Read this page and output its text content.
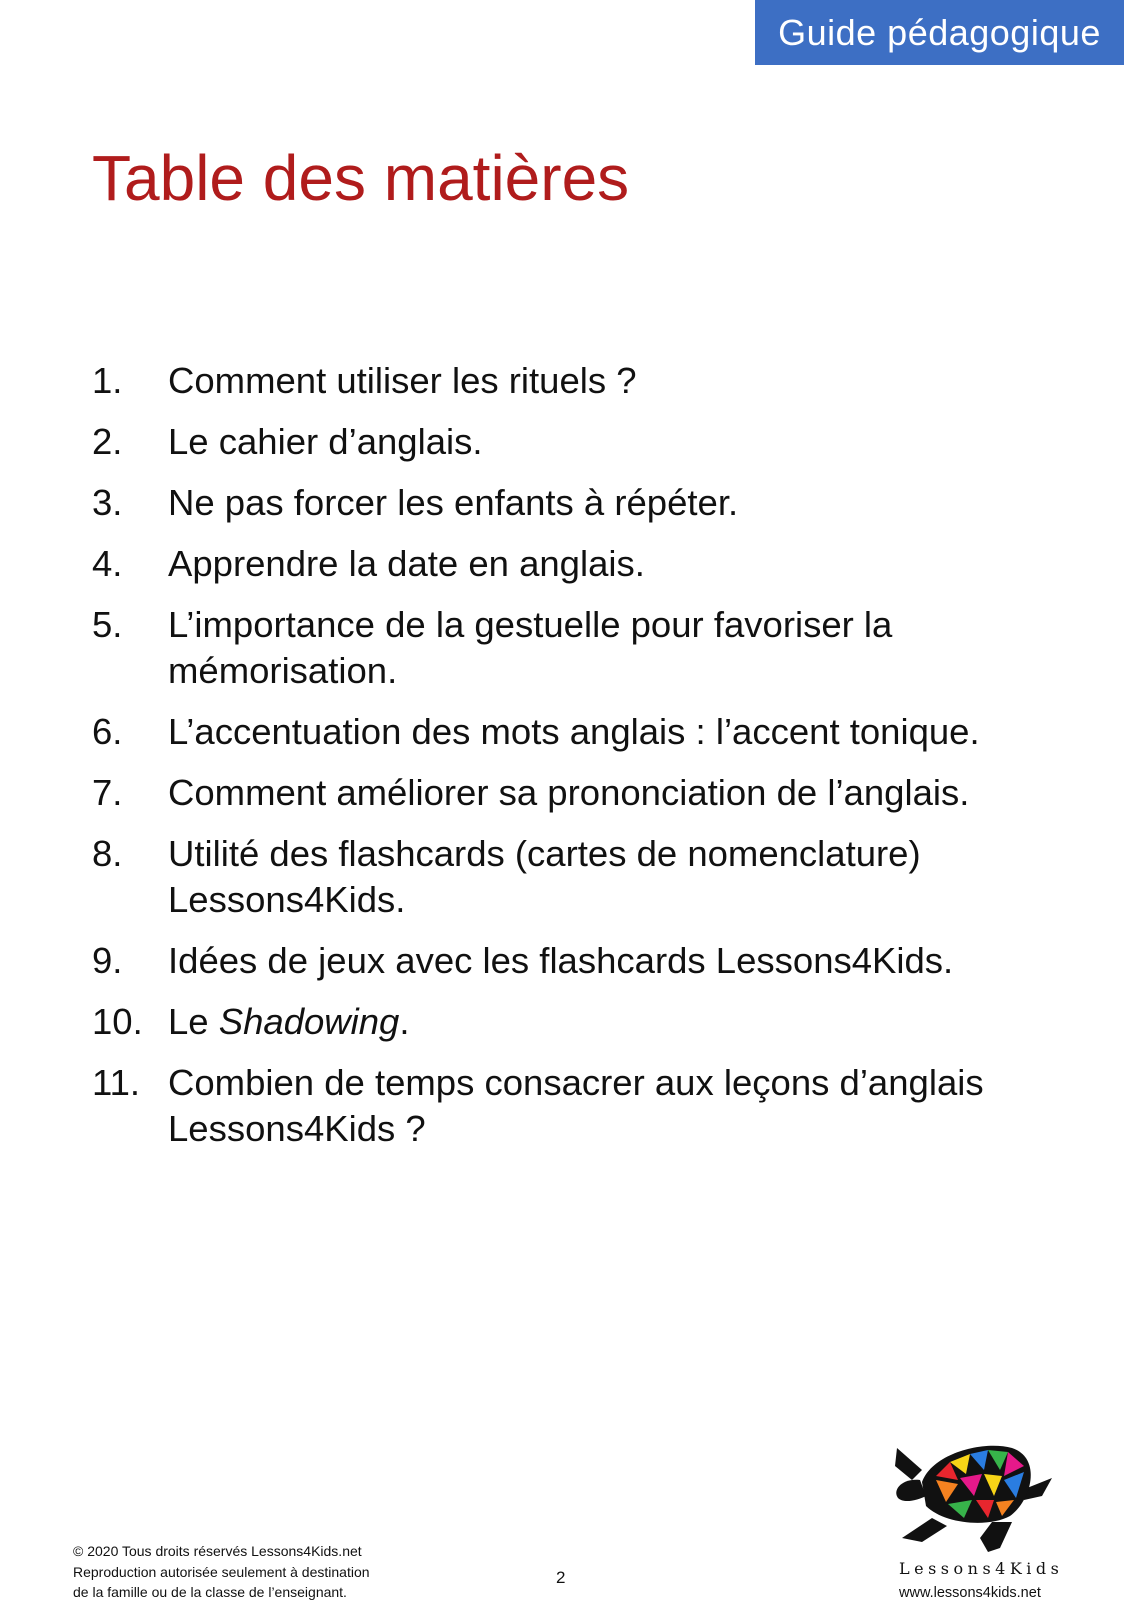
Guide pédagogique
Table des matières
1.	Comment utiliser les rituels ?
2.	Le cahier d’anglais.
3.	Ne pas forcer les enfants à répéter.
4.	Apprendre la date en anglais.
5.	L’importance de la gestuelle pour favoriser la mémorisation.
6.	L’accentuation des mots anglais : l’accent tonique.
7.	Comment améliorer sa prononciation de l’anglais.
8.	Utilité des flashcards (cartes de nomenclature) Lessons4Kids.
9.	Idées de jeux avec les flashcards Lessons4Kids.
10. Le Shadowing.
11. Combien de temps consacrer aux leçons d’anglais Lessons4Kids ?
© 2020 Tous droits réservés Lessons4Kids.net
Reproduction autorisée seulement à destination
de la famille ou de la classe de l’enseignant.
2	Lessons4Kids
www.lessons4kids.net
